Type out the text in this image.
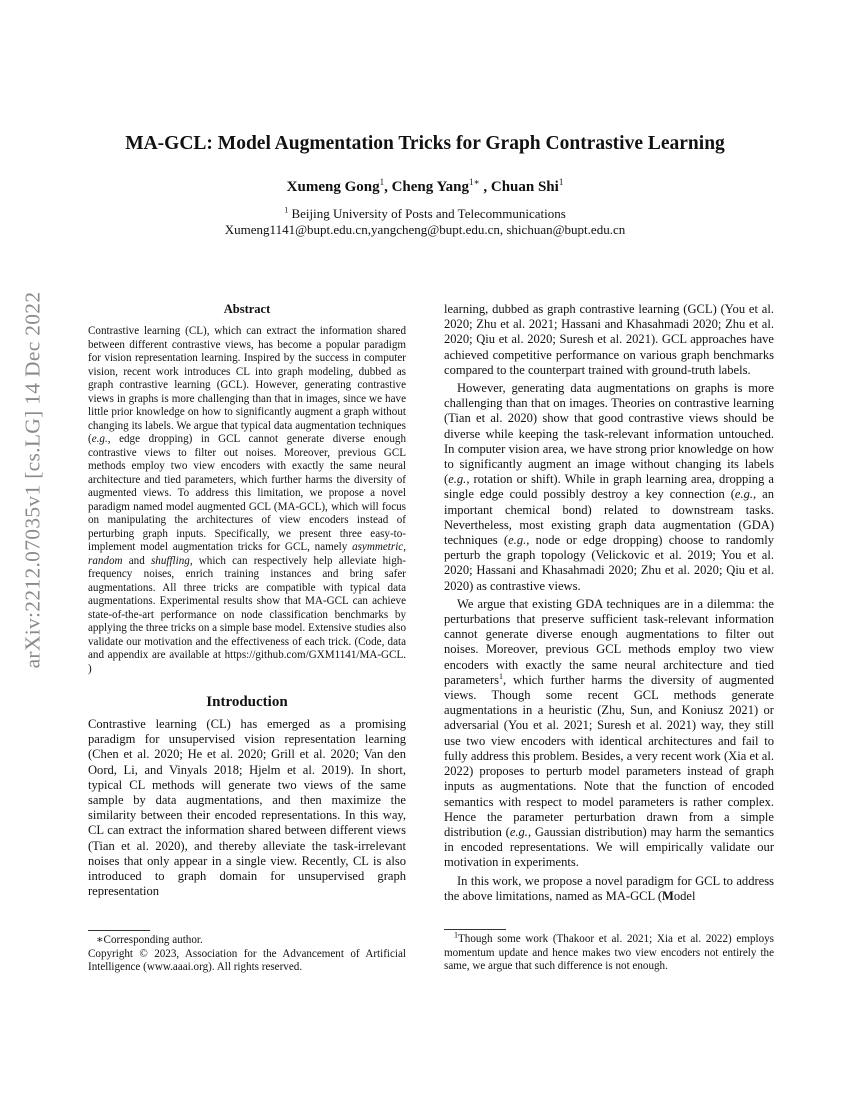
arXiv:2212.07035v1 [cs.LG] 14 Dec 2022
MA-GCL: Model Augmentation Tricks for Graph Contrastive Learning
Xumeng Gong$^1$, Cheng Yang$^{1∗}$ , Chuan Shi$^1$
$^1$ Beijing University of Posts and Telecommunications
Xumeng1141@bupt.edu.cn,yangcheng@bupt.edu.cn, shichuan@bupt.edu.cn
Abstract

Contrastive learning (CL), which can extract the information shared between different contrastive views, has become a popular paradigm for vision representation learning. Inspired by the success in computer vision, recent work introduces CL into graph modeling, dubbed as graph contrastive learning (GCL). However, generating contrastive views in graphs is more challenging than that in images, since we have little prior knowledge on how to significantly augment a graph without changing its labels. We argue that typical data augmentation techniques (e.g., edge dropping) in GCL cannot generate diverse enough contrastive views to filter out noises. Moreover, previous GCL methods employ two view encoders with exactly the same neural architecture and tied parameters, which further harms the diversity of augmented views. To address this limitation, we propose a novel paradigm named model augmented GCL (MA-GCL), which will focus on manipulating the architectures of view encoders instead of perturbing graph inputs. Specifically, we present three easy-to-implement model augmentation tricks for GCL, namely asymmetric, random and shuffling, which can respectively help alleviate high-frequency noises, enrich training instances and bring safer augmentations. All three tricks are compatible with typical data augmentations. Experimental results show that MA-GCL can achieve state-of-the-art performance on node classification benchmarks by applying the three tricks on a simple base model. Extensive studies also validate our motivation and the effectiveness of each trick. (Code, data and appendix are available at https://github.com/GXM1141/MA-GCL. )

Introduction

Contrastive learning (CL) has emerged as a promising paradigm for unsupervised vision representation learning (Chen et al. 2020; He et al. 2020; Grill et al. 2020; Van den Oord, Li, and Vinyals 2018; Hjelm et al. 2019). In short, typical CL methods will generate two views of the same sample by data augmentations, and then maximize the similarity between their encoded representations. In this way, CL can extract the information shared between different views (Tian et al. 2020), and thereby alleviate the task-irrelevant noises that only appear in a single view. Recently, CL is also introduced to graph domain for unsupervised graph representation

∗Corresponding author.
Copyright © 2023, Association for the Advancement of Artificial Intelligence (www.aaai.org). All rights reserved.

learning, dubbed as graph contrastive learning (GCL) (You et al. 2020; Zhu et al. 2021; Hassani and Khasahmadi 2020; Zhu et al. 2020; Qiu et al. 2020; Suresh et al. 2021). GCL approaches have achieved competitive performance on various graph benchmarks compared to the counterpart trained with ground-truth labels.

However, generating data augmentations on graphs is more challenging than that on images. Theories on contrastive learning (Tian et al. 2020) show that good contrastive views should be diverse while keeping the task-relevant information untouched. In computer vision area, we have strong prior knowledge on how to significantly augment an image without changing its labels (e.g., rotation or shift). While in graph learning area, dropping a single edge could possibly destroy a key connection (e.g., an important chemical bond) related to downstream tasks. Nevertheless, most existing graph data augmentation (GDA) techniques (e.g., node or edge dropping) choose to randomly perturb the graph topology (Velickovic et al. 2019; You et al. 2020; Hassani and Khasahmadi 2020; Zhu et al. 2020; Qiu et al. 2020) as contrastive views.

We argue that existing GDA techniques are in a dilemma: the perturbations that preserve sufficient task-relevant information cannot generate diverse enough augmentations to filter out noises. Moreover, previous GCL methods employ two view encoders with exactly the same neural architecture and tied parameters$^1$, which further harms the diversity of augmented views. Though some recent GCL methods generate augmentations in a heuristic (Zhu, Sun, and Koniusz 2021) or adversarial (You et al. 2021; Suresh et al. 2021) way, they still use two view encoders with identical architectures and fail to fully address this problem. Besides, a very recent work (Xia et al. 2022) proposes to perturb model parameters instead of graph inputs as augmentations. Note that the function of encoded semantics with respect to model parameters is rather complex. Hence the parameter perturbation drawn from a simple distribution (e.g., Gaussian distribution) may harm the semantics in encoded representations. We will empirically validate our motivation in experiments.

In this work, we propose a novel paradigm for GCL to address the above limitations, named as MA-GCL (Model

$^1$Though some work (Thakoor et al. 2021; Xia et al. 2022) employs momentum update and hence makes two view encoders not entirely the same, we argue that such difference is not enough.
